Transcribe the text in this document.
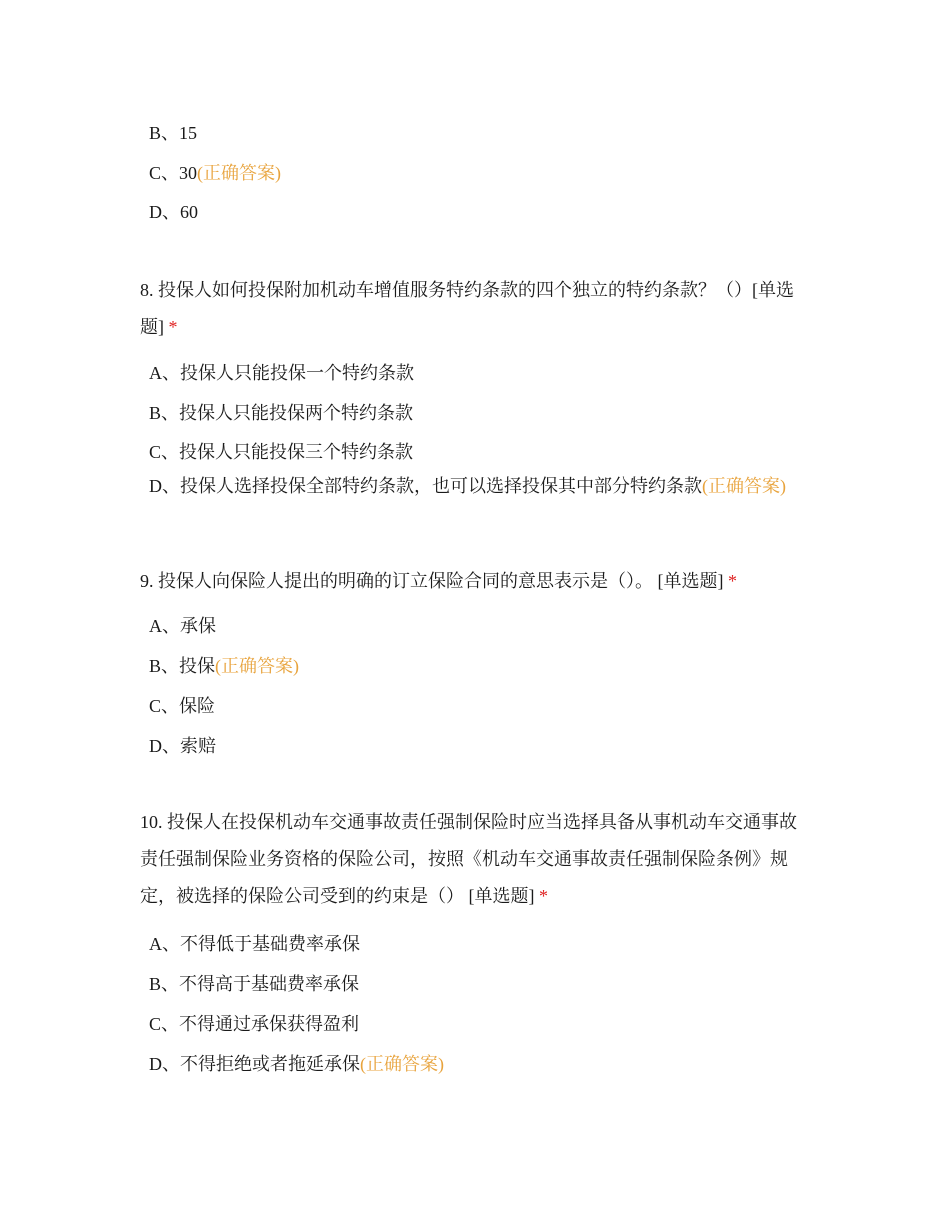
B、15
C、30(正确答案)
D、60
8. 投保人如何投保附加机动车增值服务特约条款的四个独立的特约条款？（）[单选题] *
A、投保人只能投保一个特约条款
B、投保人只能投保两个特约条款
C、投保人只能投保三个特约条款
D、投保人选择投保全部特约条款，也可以选择投保其中部分特约条款(正确答案)
9. 投保人向保险人提出的明确的订立保险合同的意思表示是（）。 [单选题] *
A、承保
B、投保(正确答案)
C、保险
D、索赔
10. 投保人在投保机动车交通事故责任强制保险时应当选择具备从事机动车交通事故责任强制保险业务资格的保险公司，按照《机动车交通事故责任强制保险条例》规定，被选择的保险公司受到的约束是（） [单选题] *
A、不得低于基础费率承保
B、不得高于基础费率承保
C、不得通过承保获得盈利
D、不得拒绝或者拖延承保(正确答案)
